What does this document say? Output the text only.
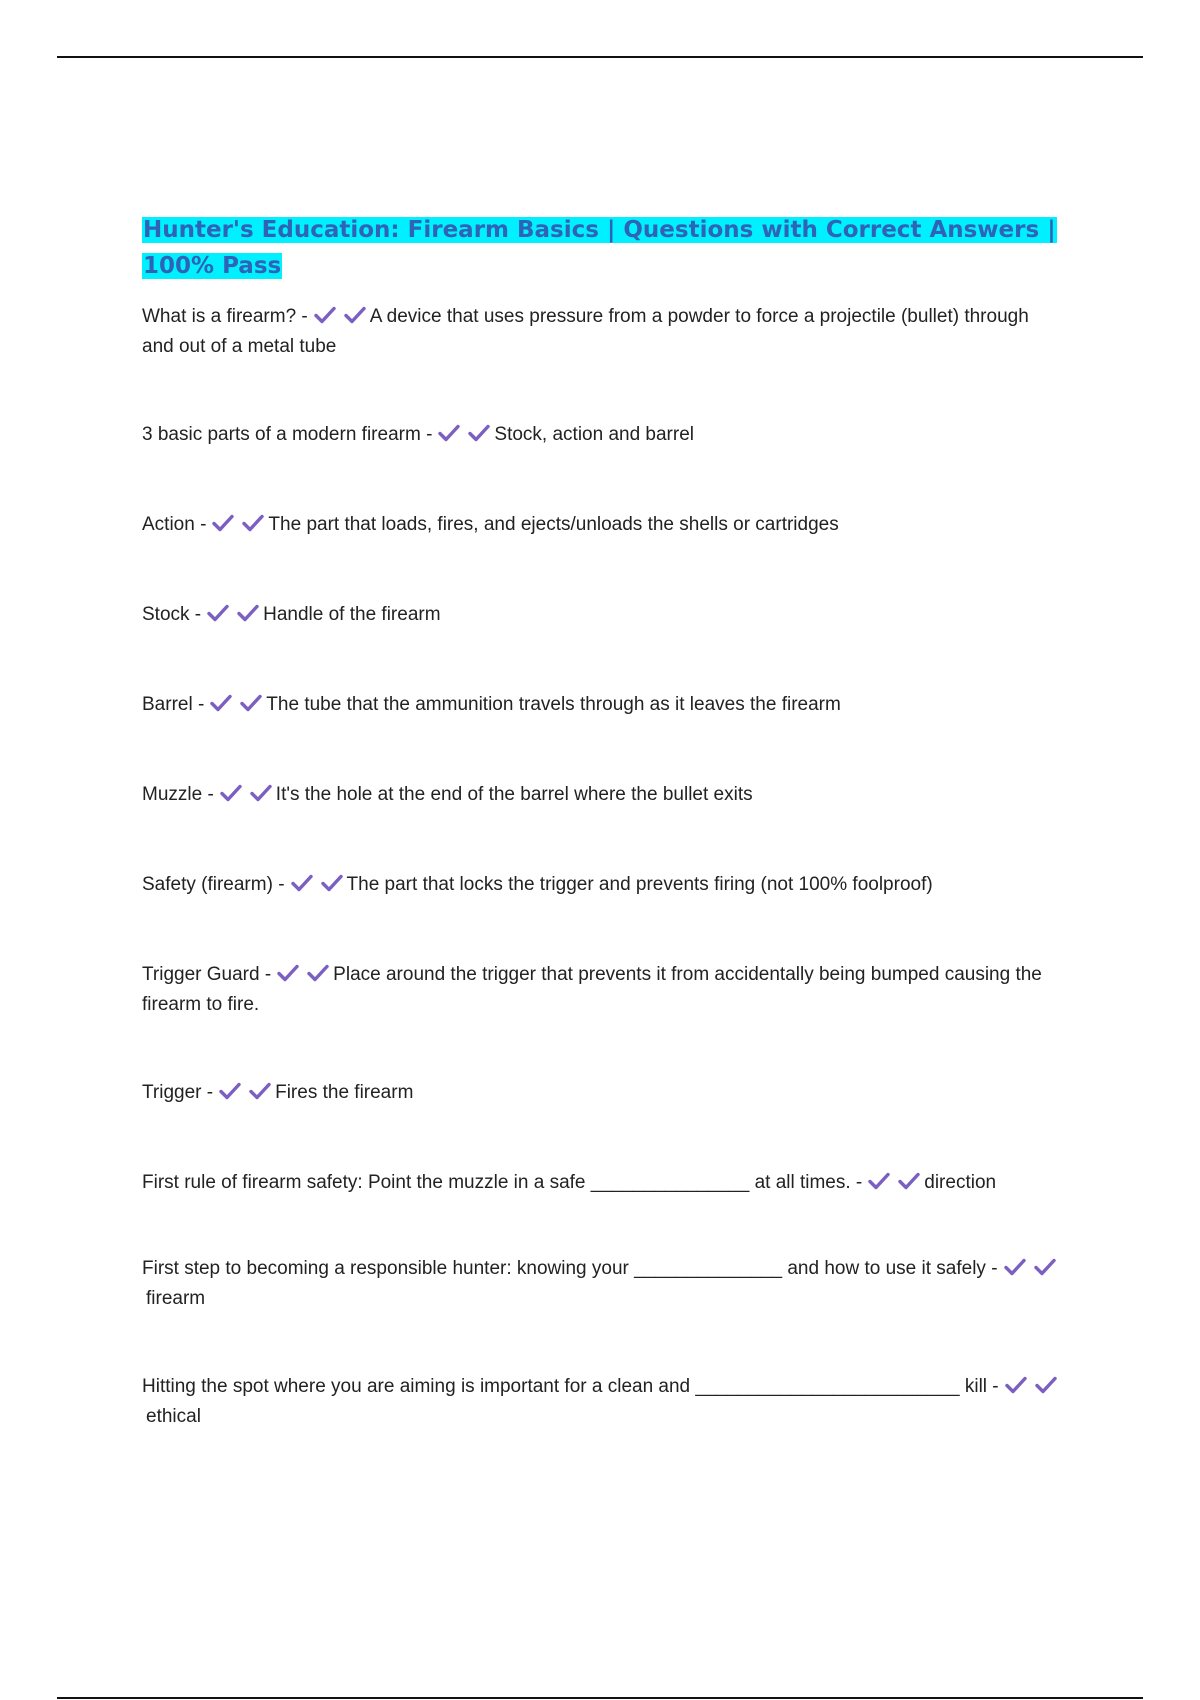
Hunter's Education: Firearm Basics | Questions with Correct Answers | 100% Pass

What is a firearm? -	A device that uses pressure from a powder to force a projectile (bullet) through and out of a metal tube

3 basic parts of a modern firearm -	Stock, action and barrel

Action -	The part that loads, fires, and ejects/unloads the shells or cartridges

Stock -	Handle of the firearm

Barrel -	The tube that the ammunition travels through as it leaves the firearm

Muzzle -	It's the hole at the end of the barrel where the bullet exits

Safety (firearm) -	The part that locks the trigger and prevents firing (not 100% foolproof)

Trigger Guard -	Place around the trigger that prevents it from accidentally being bumped causing the firearm to fire.

Trigger -	Fires the firearm

First rule of firearm safety: Point the muzzle in a safe _______________ at all times. -	direction

First step to becoming a responsible hunter: knowing your ______________ and how to use it safely -
firearm

Hitting the spot where you are aiming is important for a clean and _________________________ kill -
ethical
